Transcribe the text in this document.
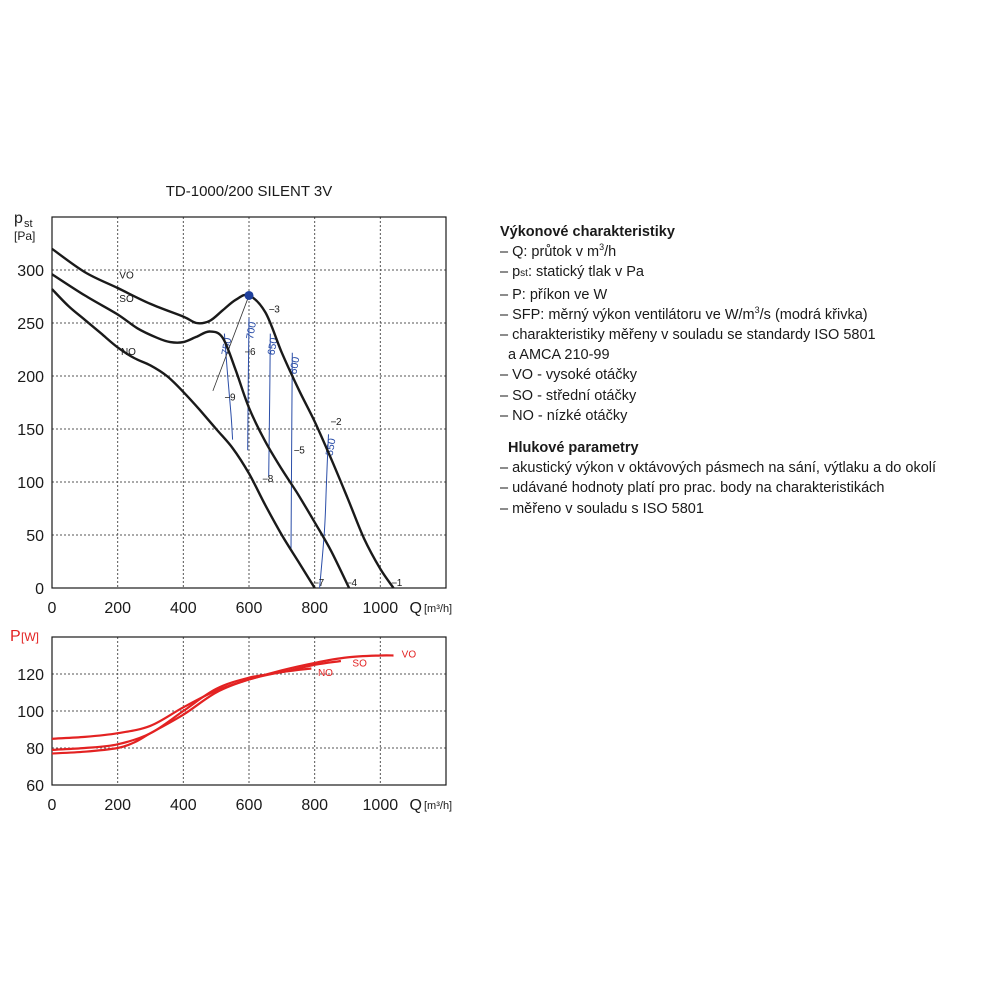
TD-1000/200 SILENT 3V
0	200 400 600 800 1000
0
50
100
150
200
250
300
p st
[Pa]
Q [m³/h]
750
700
650
600
550
VO
SO
NO
1
2
3
4
5
6
7
8
9
0	200 400 600 800 1000
60
80
100
120
P [W]
Q [m³/h]
VO
SO
NO
Výkonové charakteristiky
– Q: průtok v $m^3/h$
– pst: statický tlak v Pa
– P: příkon ve W
– SFP: měrný výkon ventilátoru ve $W/m^3/s$ (modrá křivka)
– charakteristiky měřeny v souladu se standardy ISO 5801
a AMCA 210-99
– VO - vysoké otáčky
– SO - střední otáčky
– NO - nízké otáčky
Hlukové parametry
– akustický výkon v oktávových pásmech na sání, výtlaku a do okolí
– udávané hodnoty platí pro prac. body na charakteristikách
– měřeno v souladu s ISO 5801
